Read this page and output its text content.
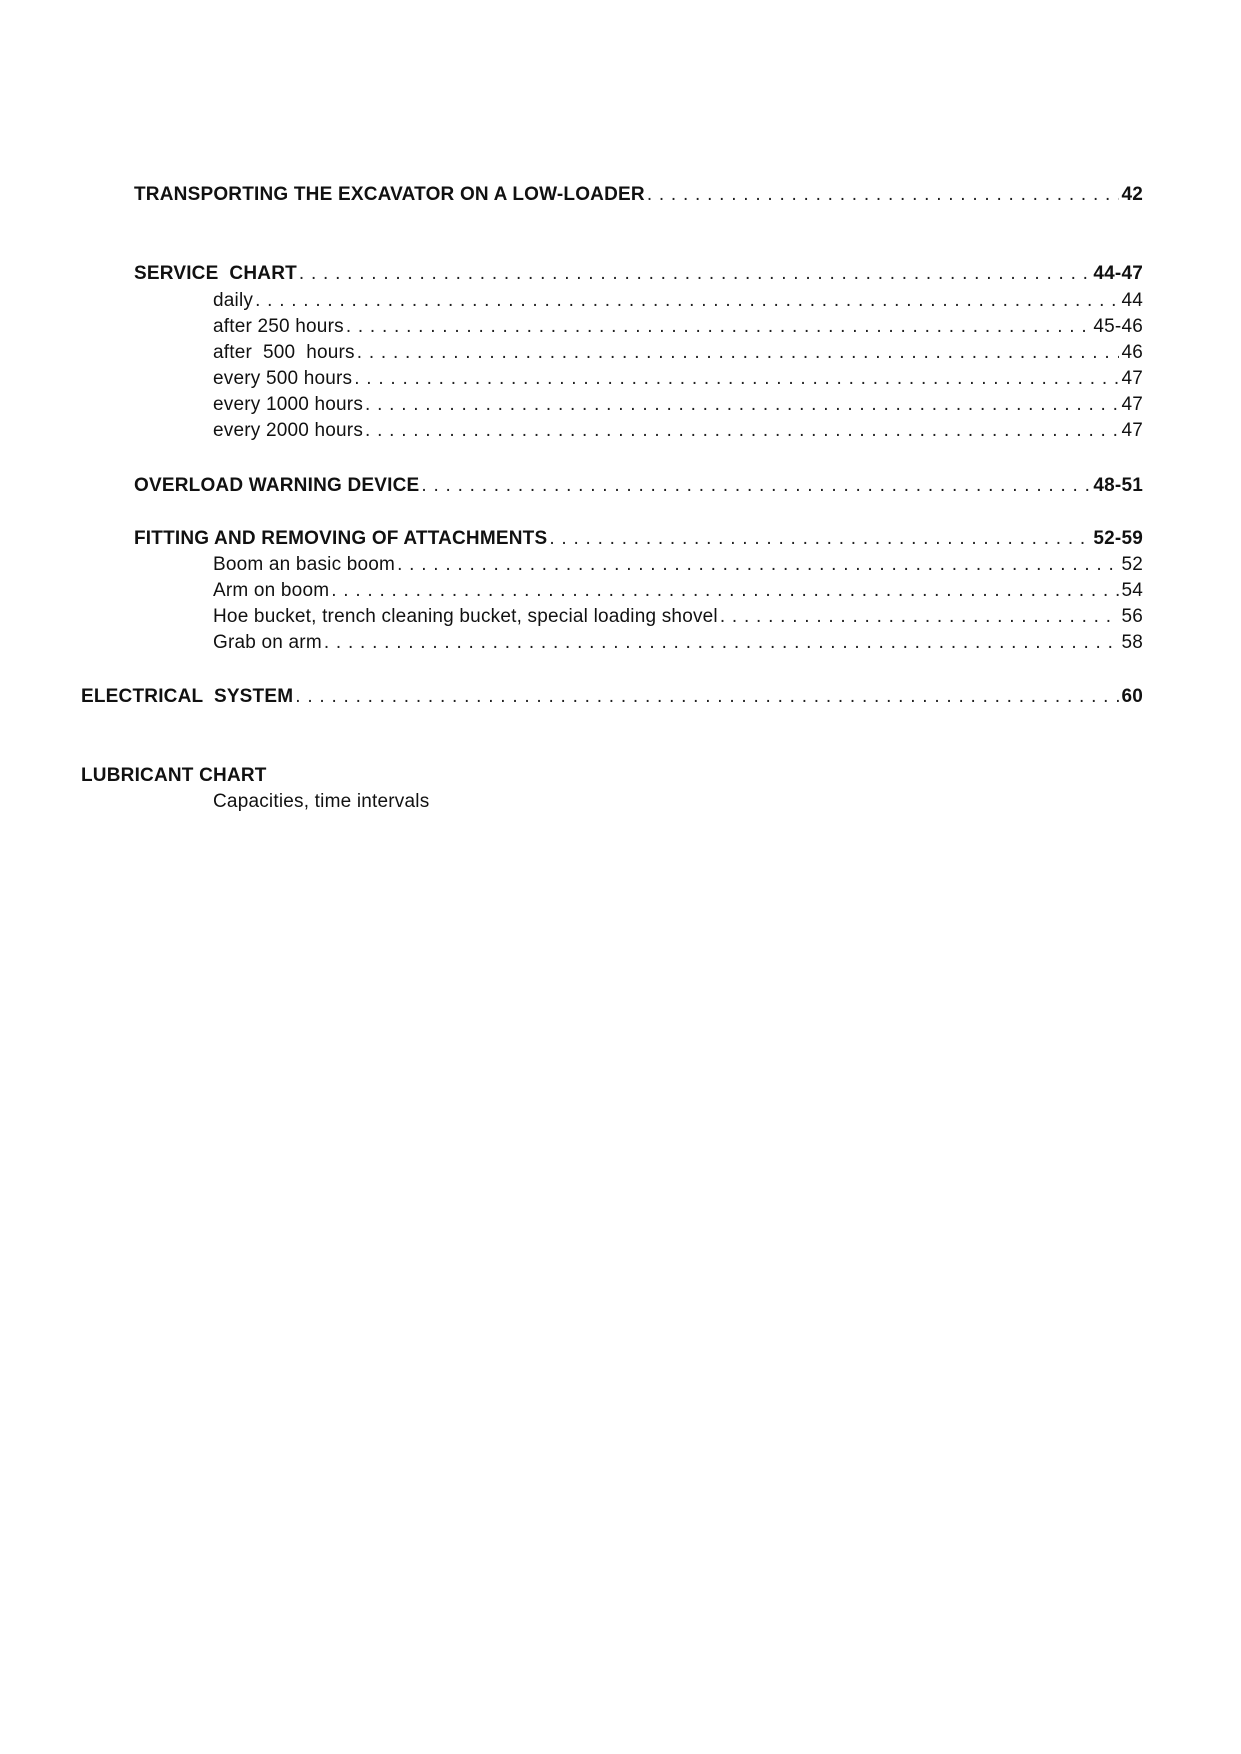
TRANSPORTING THE EXCAVATOR ON A LOW-LOADER . . .	42
SERVICE  CHART . . .	44-47
daily . . .	44
after 250 hours . . .	45-46
after  500  hours . . .	46
every 500 hours . . .	47
every 1000 hours . . .	47
every 2000 hours . . .	47
OVERLOAD WARNING DEVICE . . .	48-51
FITTING AND REMOVING OF ATTACHMENTS . . .	52-59
Boom an basic boom . . .	52
Arm on boom . . .	54
Hoe bucket, trench cleaning bucket, special loading shovel . . .	56
Grab on arm . . .	58
ELECTRICAL  SYSTEM . . .	60
LUBRICANT CHART
Capacities, time intervals
